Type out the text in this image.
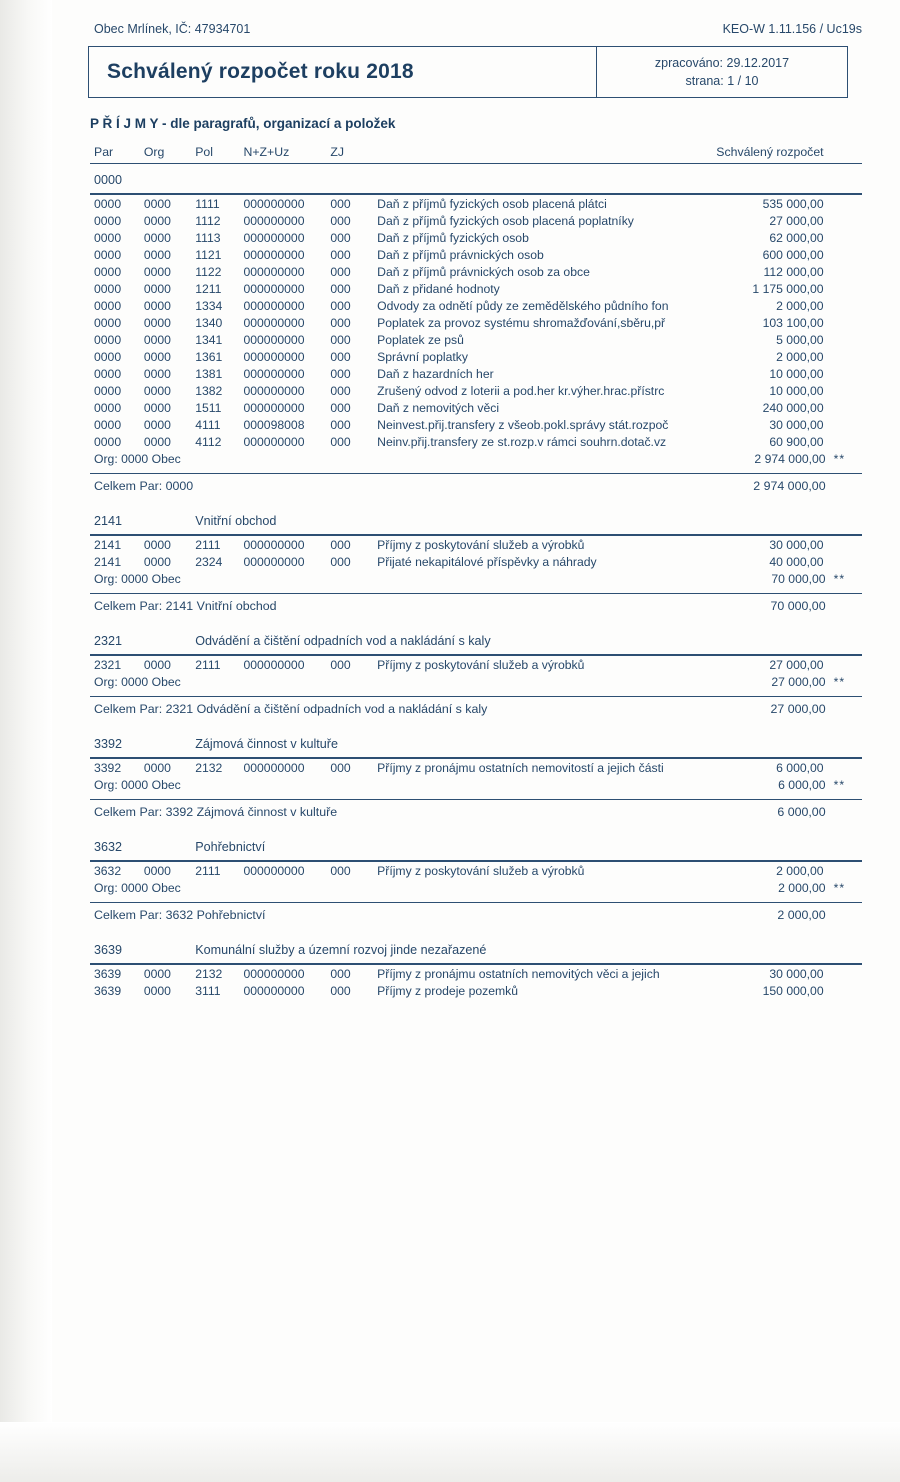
Obec Mrlínek, IČ: 47934701	KEO-W 1.11.156 / Uc19s
Schválený rozpočet roku 2018	zpracováno: 29.12.2017
strana: 1 / 10
P Ř Í J M Y - dle paragrafů, organizací a položek
Par	Org	Pol	N+Z+Uz	ZJ		Schválený rozpočet	

0000							

0000	0000	1111	000000000	000	Daň z příjmů fyzických osob placená plátci	535 000,00	
0000	0000	1112	000000000	000	Daň z příjmů fyzických osob placená poplatníky	27 000,00	
0000	0000	1113	000000000	000	Daň z příjmů fyzických osob	62 000,00	
0000	0000	1121	000000000	000	Daň z příjmů právnických osob	600 000,00	
0000	0000	1122	000000000	000	Daň z příjmů právnických osob za obce	112 000,00	
0000	0000	1211	000000000	000	Daň z přidané hodnoty	1 175 000,00	
0000	0000	1334	000000000	000	Odvody za odnětí půdy ze zemědělského půdního fon	2 000,00	
0000	0000	1340	000000000	000	Poplatek za provoz systému shromažďování,sběru,př	103 100,00	
0000	0000	1341	000000000	000	Poplatek ze psů	5 000,00	
0000	0000	1361	000000000	000	Správní poplatky	2 000,00	
0000	0000	1381	000000000	000	Daň z hazardních her	10 000,00	
0000	0000	1382	000000000	000	Zrušený odvod z loterii a pod.her kr.výher.hrac.přístrc	10 000,00	
0000	0000	1511	000000000	000	Daň z nemovitých věci	240 000,00	
0000	0000	4111	000098008	000	Neinvest.přij.transfery z všeob.pokl.správy stát.rozpoč	30 000,00	
0000	0000	4112	000000000	000	Neinv.přij.transfery ze st.rozp.v rámci souhrn.dotač.vz	60 900,00	
Org: 0000 Obec						2 974 000,00	**

Celkem Par: 0000						2 974 000,00	

2141		Vnitřní obchod					

2141	0000	2111	000000000	000	Příjmy z poskytování služeb a výrobků	30 000,00	
2141	0000	2324	000000000	000	Přijaté nekapitálové příspěvky a náhrady	40 000,00	
Org: 0000 Obec						70 000,00	**

Celkem Par: 2141 Vnitřní obchod						70 000,00	

2321		Odvádění a čištění odpadních vod a nakládání s kaly					

2321	0000	2111	000000000	000	Příjmy z poskytování služeb a výrobků	27 000,00	
Org: 0000 Obec						27 000,00	**

Celkem Par: 2321 Odvádění a čištění odpadních vod a nakládání s kaly						27 000,00	

3392		Zájmová činnost v kultuře					

3392	0000	2132	000000000	000	Příjmy z pronájmu ostatních nemovitostí a jejich části	6 000,00	
Org: 0000 Obec						6 000,00	**

Celkem Par: 3392 Zájmová činnost v kultuře						6 000,00	

3632		Pohřebnictví					

3632	0000	2111	000000000	000	Příjmy z poskytování služeb a výrobků	2 000,00	
Org: 0000 Obec						2 000,00	**

Celkem Par: 3632 Pohřebnictví						2 000,00	

3639		Komunální služby a územní rozvoj jinde nezařazené					

3639	0000	2132	000000000	000	Příjmy z pronájmu ostatních nemovitých věci a jejich	30 000,00	
3639	0000	3111	000000000	000	Příjmy z prodeje pozemků	150 000,00	
